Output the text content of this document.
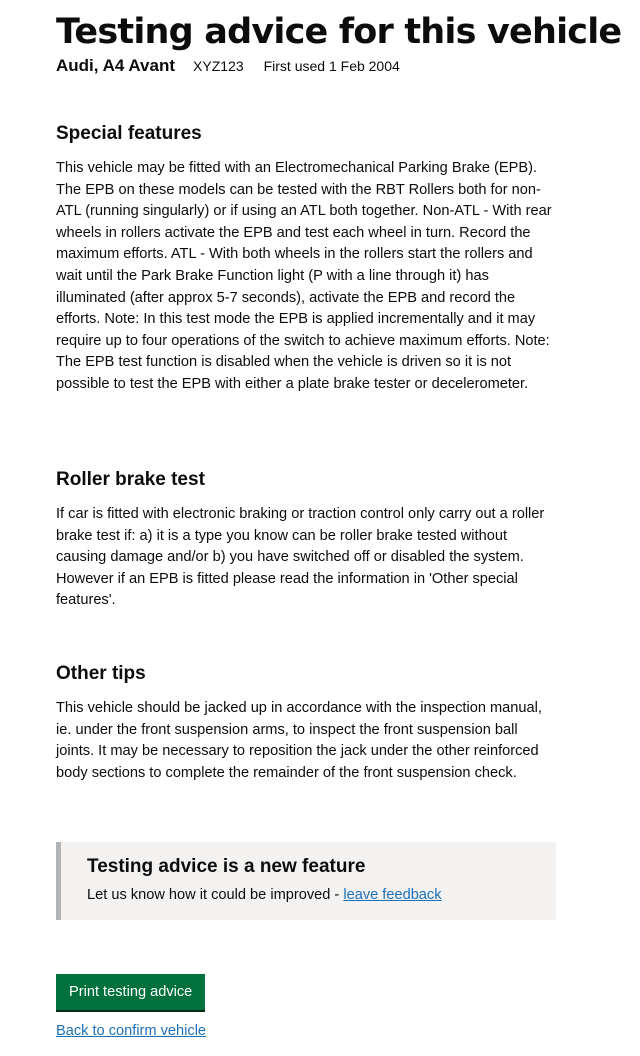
Testing advice for this vehicle
Audi, A4 Avant XYZ123 First used 1 Feb 2004
Special features

This vehicle may be fitted with an Electromechanical Parking Brake (EPB). The EPB on these models can be tested with the RBT Rollers both for non-ATL (running singularly) or if using an ATL both together. Non-ATL - With rear wheels in rollers activate the EPB and test each wheel in turn. Record the maximum efforts. ATL - With both wheels in the rollers start the rollers and wait until the Park Brake Function light (P with a line through it) has illuminated (after approx 5-7 seconds), activate the EPB and record the efforts. Note: In this test mode the EPB is applied incrementally and it may require up to four operations of the switch to achieve maximum efforts. Note: The EPB test function is disabled when the vehicle is driven so it is not possible to test the EPB with either a plate brake tester or decelerometer.

Roller brake test

If car is fitted with electronic braking or traction control only carry out a roller brake test if: a) it is a type you know can be roller brake tested without causing damage and/or b) you have switched off or disabled the system. However if an EPB is fitted please read the information in 'Other special features'.

Other tips

This vehicle should be jacked up in accordance with the inspection manual, ie. under the front suspension arms, to inspect the front suspension ball joints. It may be necessary to reposition the jack under the other reinforced body sections to complete the remainder of the front suspension check.

Testing advice is a new feature

Let us know how it could be improved - leave feedback

Print testing advice
Back to confirm vehicle
